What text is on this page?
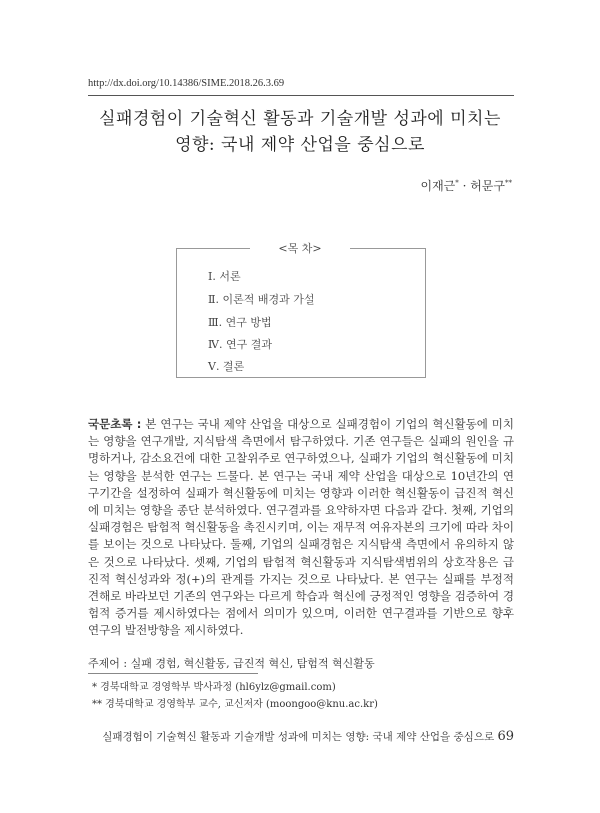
http://dx.doi.org/10.14386/SIME.2018.26.3.69
실패경험이 기술혁신 활동과 기술개발 성과에 미치는
영향: 국내 제약 산업을 중심으로
이재근* · 허문구**
<목 차>
Ⅰ. 서론
Ⅱ. 이론적 배경과 가설
Ⅲ. 연구 방법
Ⅳ. 연구 결과
Ⅴ. 결론
국문초록 : 본 연구는 국내 제약 산업을 대상으로 실패경험이 기업의 혁신활동에 미치는 영향을 연구개발, 지식탐색 측면에서 탐구하였다. 기존 연구들은 실패의 원인을 규명하거나, 감소요건에 대한 고찰위주로 연구하였으나, 실패가 기업의 혁신활동에 미치는 영향을 분석한 연구는 드물다. 본 연구는 국내 제약 산업을 대상으로 10년간의 연구기간을 설정하여 실패가 혁신활동에 미치는 영향과 이러한 혁신활동이 급진적 혁신에 미치는 영향을 종단 분석하였다. 연구결과를 요약하자면 다음과 같다. 첫째, 기업의 실패경험은 탐험적 혁신활동을 촉진시키며, 이는 재무적 여유자본의 크기에 따라 차이를 보이는 것으로 나타났다. 둘째, 기업의 실패경험은 지식탐색 측면에서 유의하지 않은 것으로 나타났다. 셋째, 기업의 탐험적 혁신활동과 지식탐색범위의 상호작용은 급진적 혁신성과와 정(+)의 관계를 가지는 것으로 나타났다. 본 연구는 실패를 부정적 견해로 바라보던 기존의 연구와는 다르게 학습과 혁신에 긍정적인 영향을 검증하여 경험적 증거를 제시하였다는 점에서 의미가 있으며, 이러한 연구결과를 기반으로 향후 연구의 발전방향을 제시하였다.
주제어 : 실패 경험, 혁신활동, 급진적 혁신, 탐험적 혁신활동
* 경북대학교 경영학부 박사과정 (hl6ylz@gmail.com)
** 경북대학교 경영학부 교수, 교신저자 (moongoo@knu.ac.kr)
실패경험이 기술혁신 활동과 기술개발 성과에 미치는 영향: 국내 제약 산업을 중심으로 69
